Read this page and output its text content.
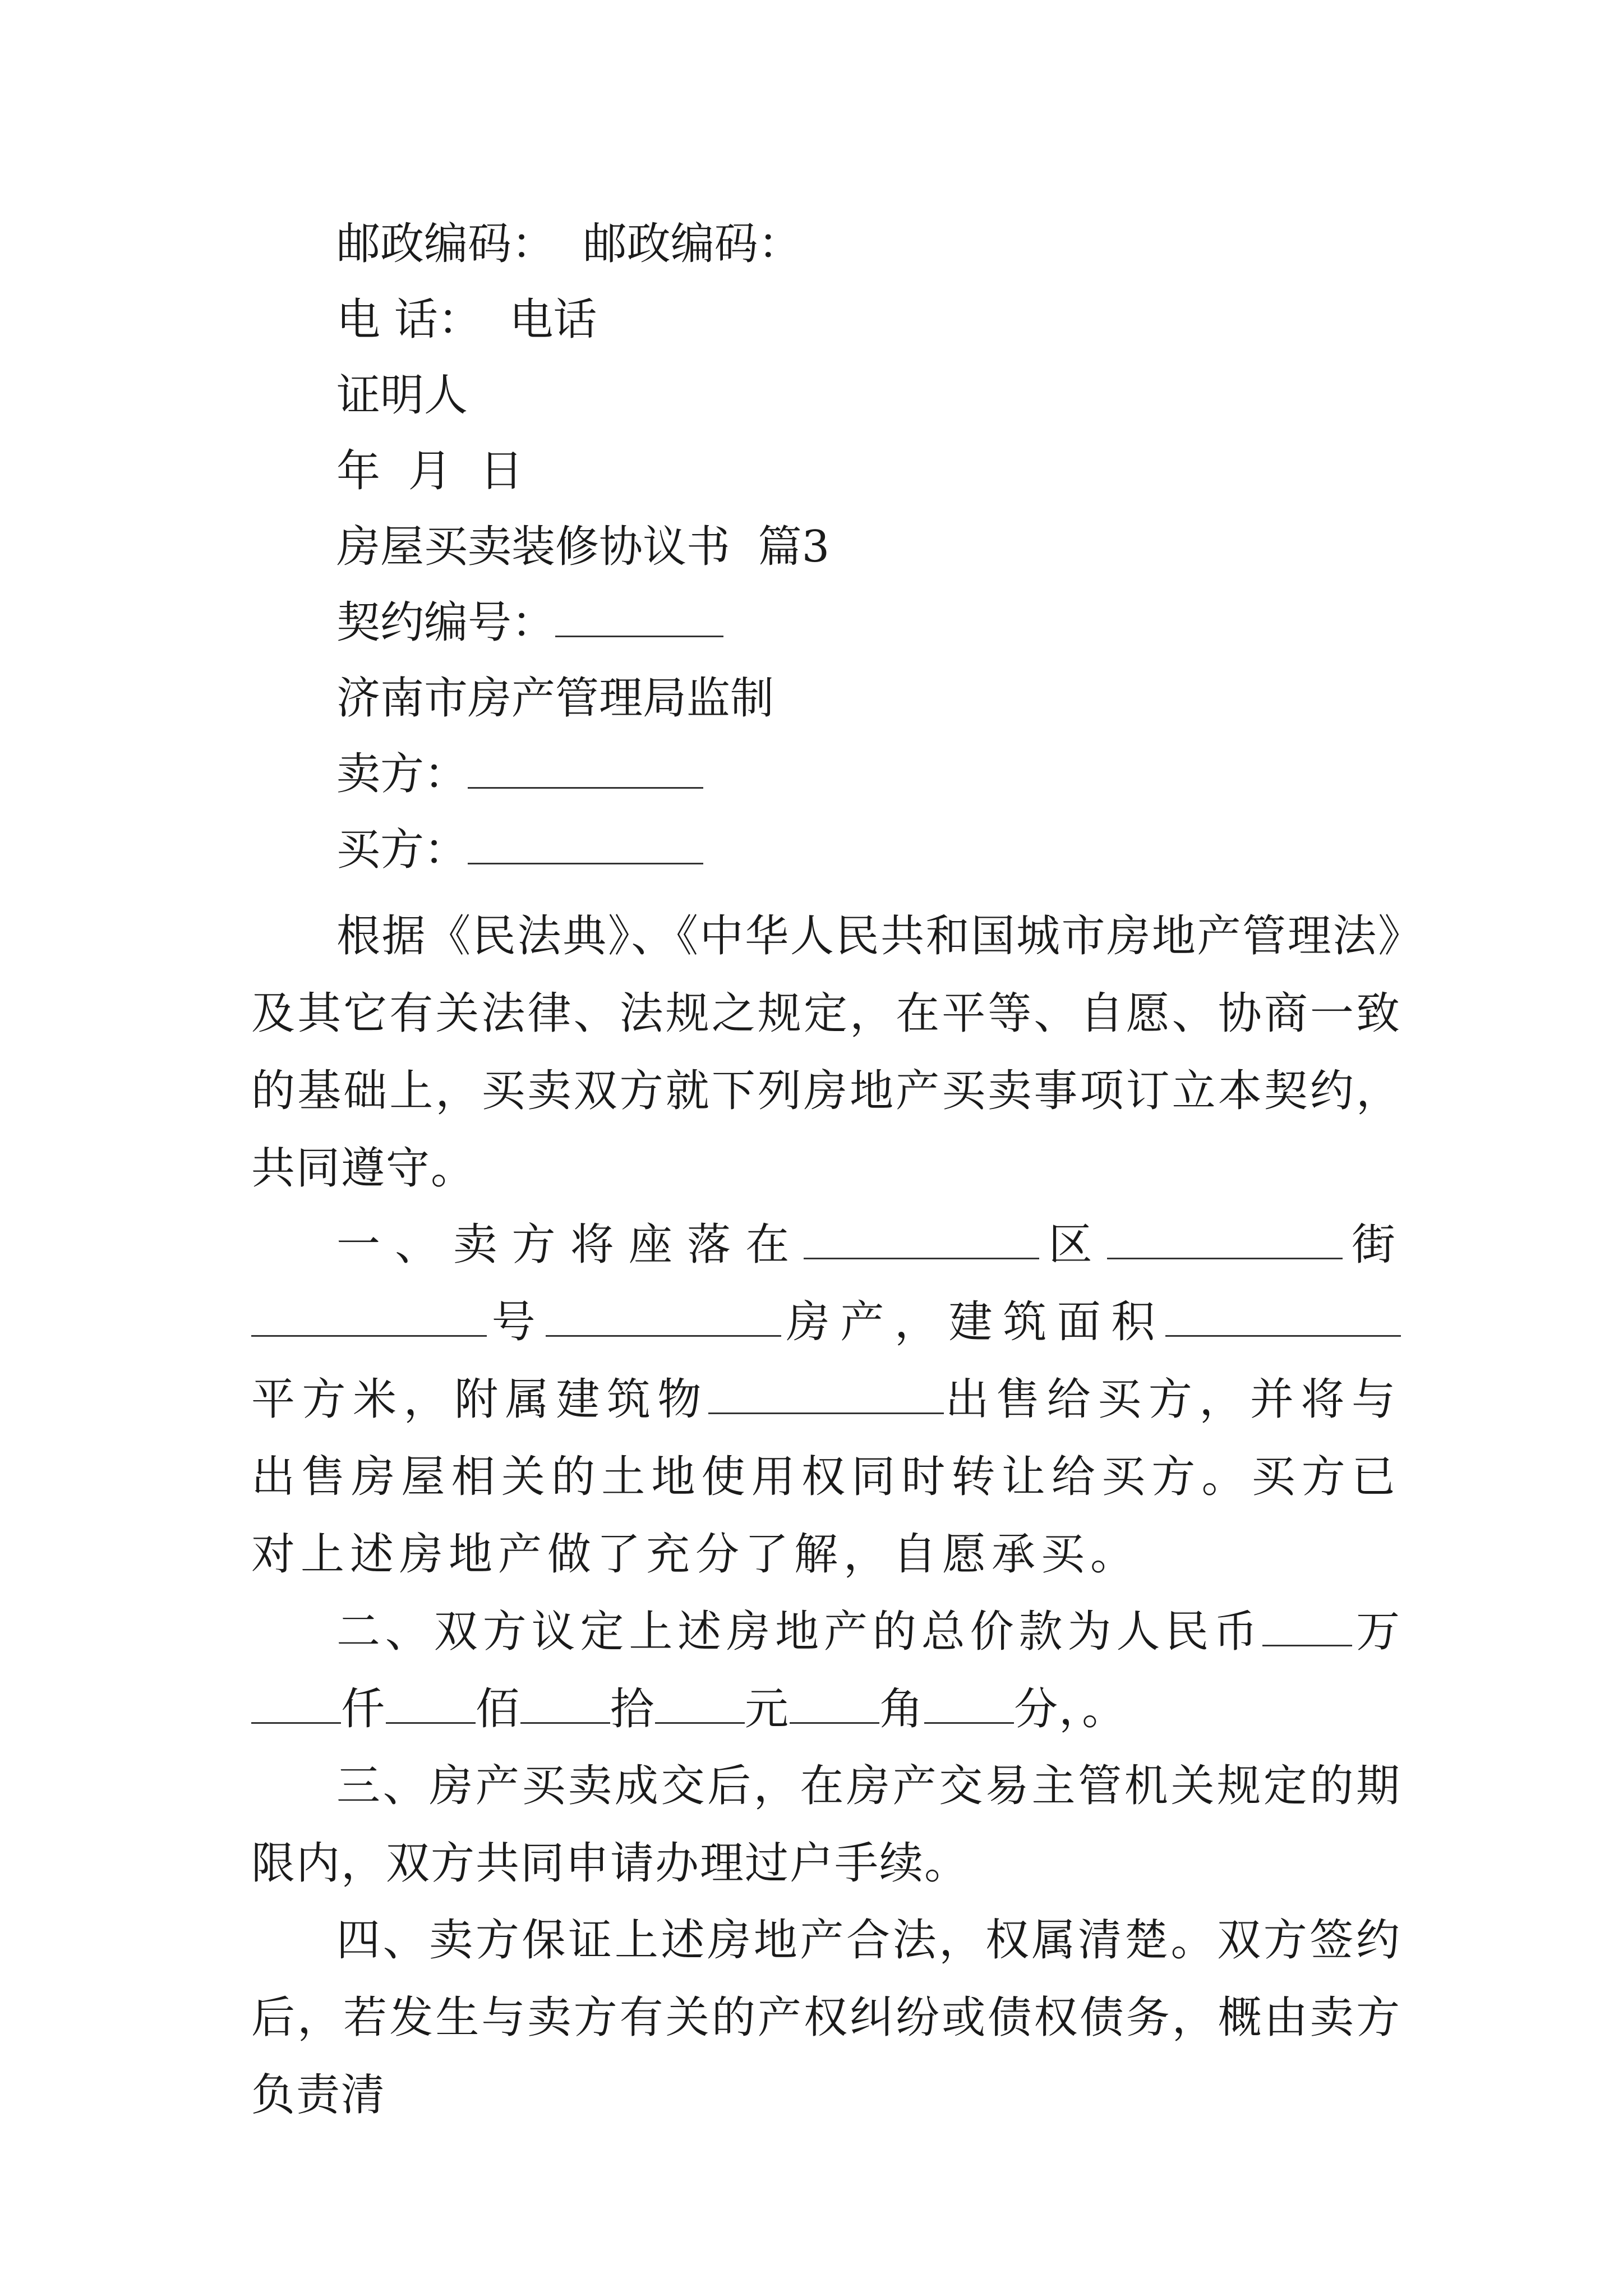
邮政编码：  邮政编码：
电 话：  电话
证明人
年  月  日
房屋买卖装修协议书  篇3
契约编号：
济南市房产管理局监制
卖方：
买方：
根据《民法典》、《中华人民共和国城市房地产管理法》及其它有关法律、法规之规定，在平等、自愿、协商一致的基础上，买卖双方就下列房地产买卖事项订立本契约，共同遵守。
一、卖方将座落在	区	街号	房产，建筑面积平方米，附属建筑物	出售给买方，并将与出售房屋相关的土地使用权同时转让给买方。买方已对上述房地产做了充分了解，自愿承买。
二、双方议定上述房地产的总价款为人民币 万仟 佰 拾 元 角 分，。
三、房产买卖成交后，在房产交易主管机关规定的期限内，双方共同申请办理过户手续。
四、卖方保证上述房地产合法，权属清楚。双方签约后，若发生与卖方有关的产权纠纷或债权债务，概由卖方负责清
